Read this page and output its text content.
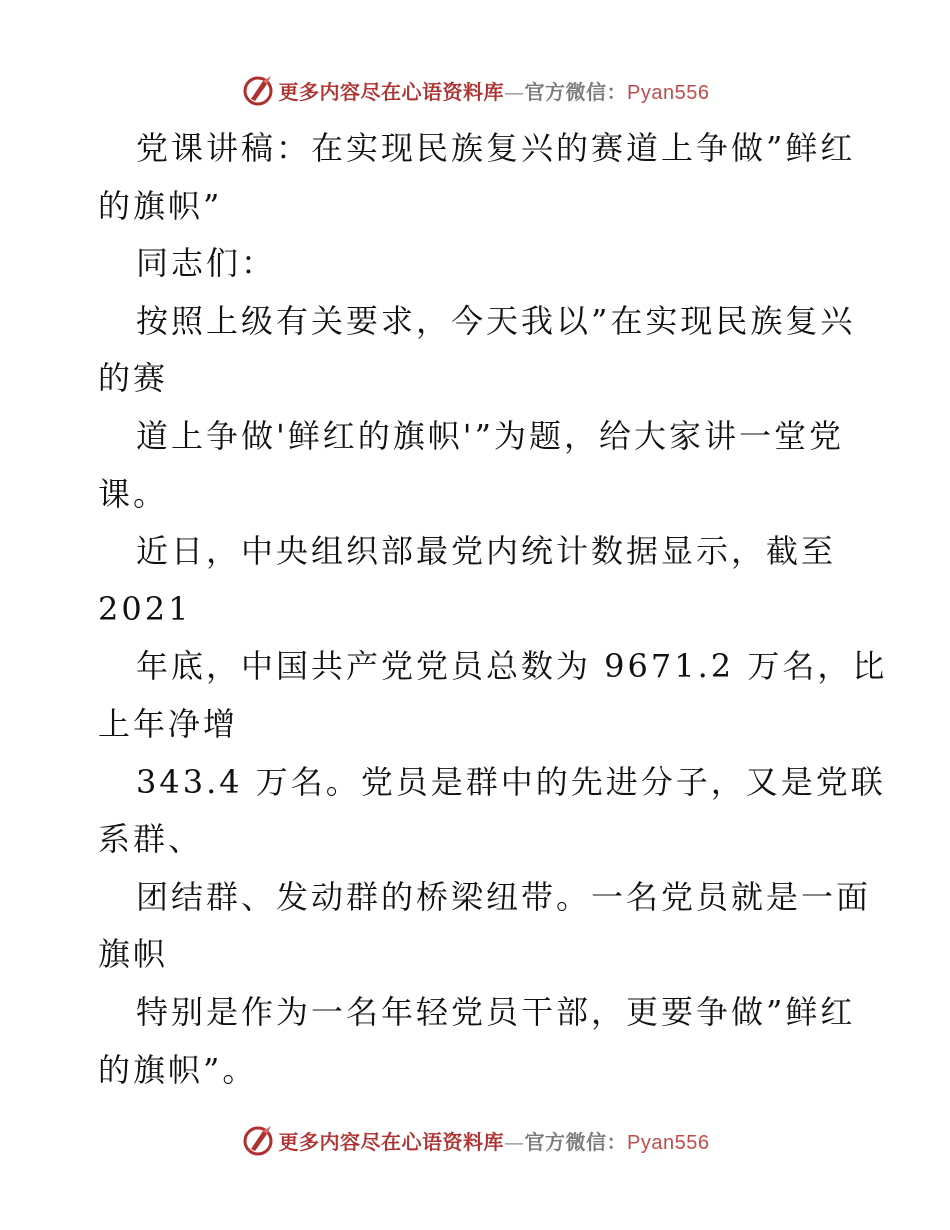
更多内容尽在心语资料库—官方微信：Pyan556
党课讲稿：在实现民族复兴的赛道上争做”鲜红
的旗帜”
同志们：
按照上级有关要求，今天我以”在实现民族复兴
的赛
道上争做'鲜红的旗帜'”为题，给大家讲一堂党
课。
近日，中央组织部最党内统计数据显示，截至
2021
年底，中国共产党党员总数为 9671.2 万名，比
上年净增
343.4 万名。党员是群中的先进分子，又是党联
系群、
团结群、发动群的桥梁纽带。一名党员就是一面
旗帜
特别是作为一名年轻党员干部，更要争做”鲜红
的旗帜”。
更多内容尽在心语资料库—官方微信：Pyan556
